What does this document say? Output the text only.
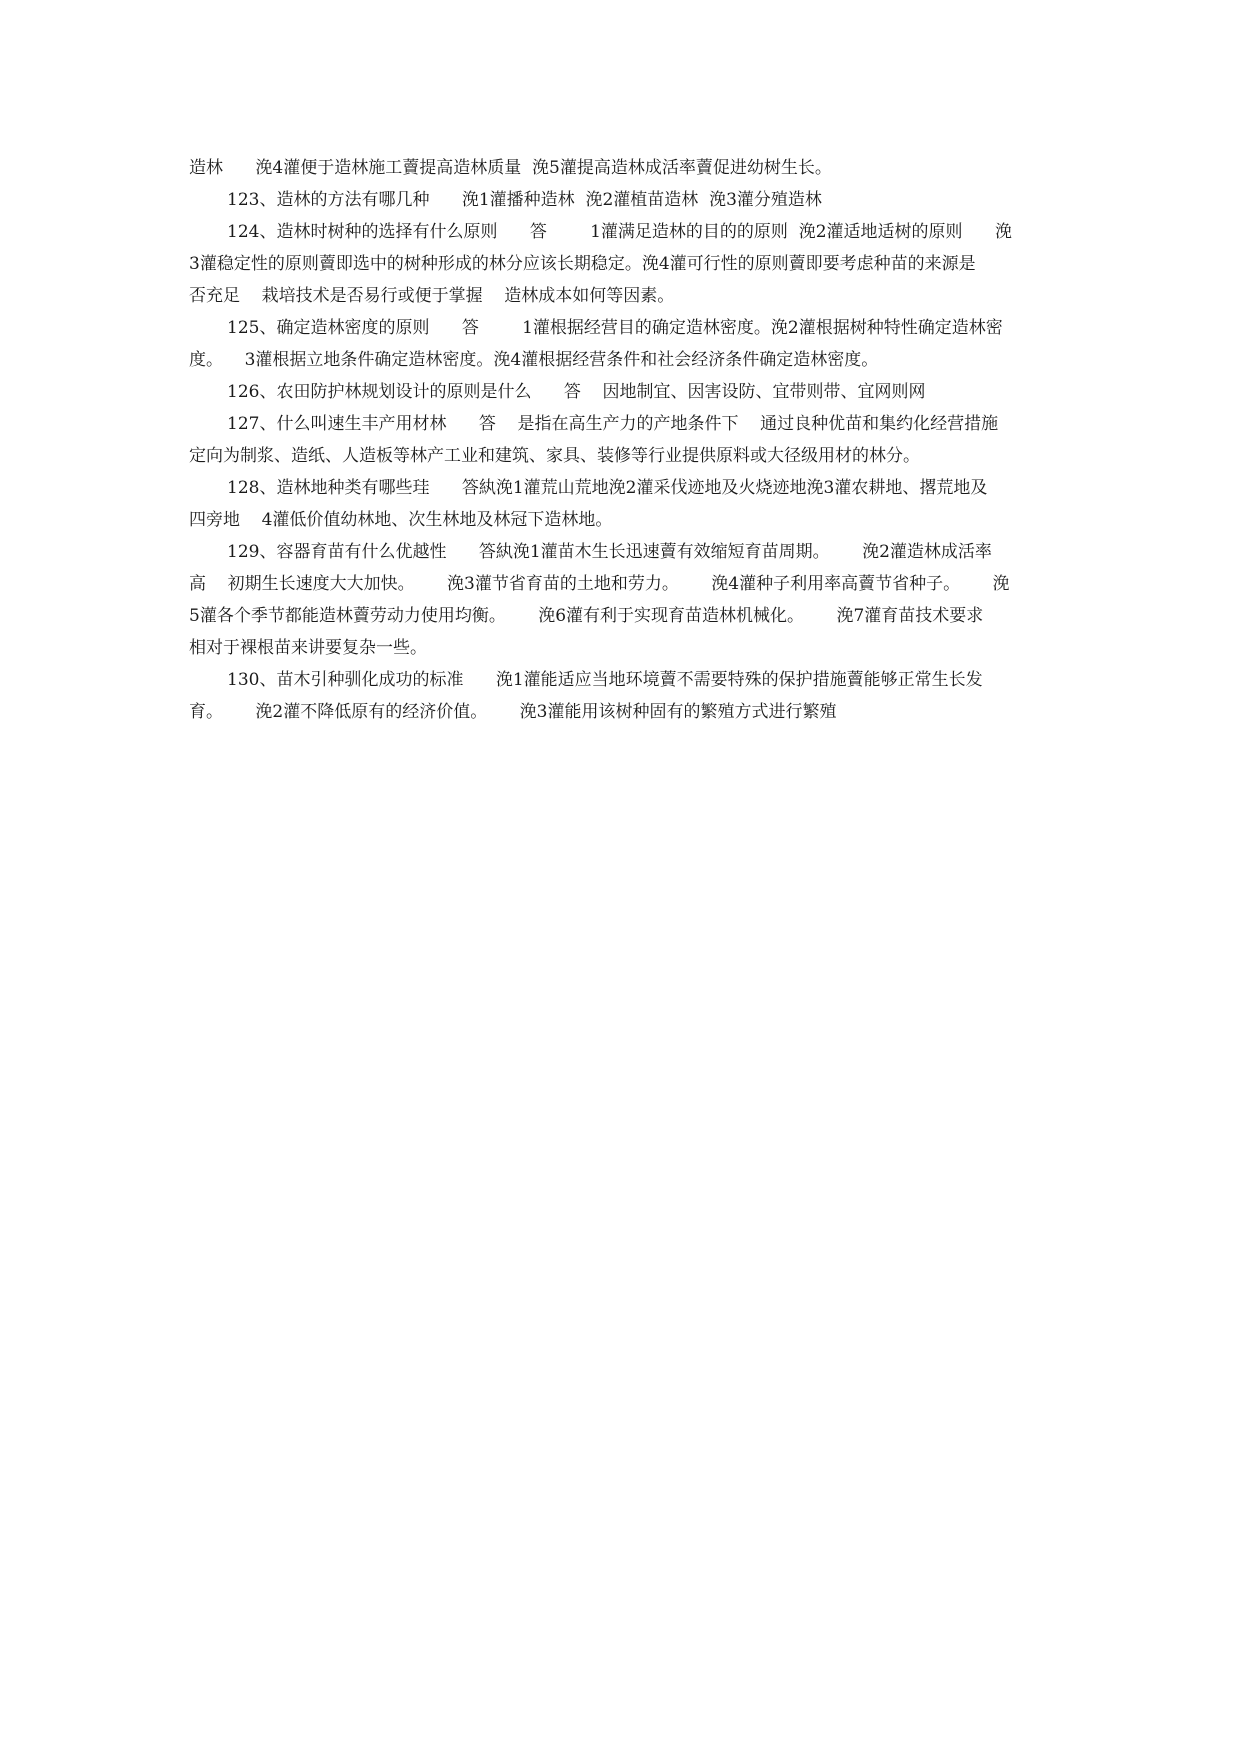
造林      浼4灌便于造林施工藚提高造林质量  浼5灌提高造林成活率藚促进幼树生长。
123、造林的方法有哪几种      浼1灌播种造林  浼2灌植苗造林  浼3灌分殖造林
124、造林时树种的选择有什么原则      答        1灌满足造林的目的的原则  浼2灌适地适树的原则      浼
3灌稳定性的原则藚即选中的树种形成的林分应该长期稳定。浼4灌可行性的原则藚即要考虑种苗的来源是
否充足    栽培技术是否易行或便于掌握    造林成本如何等因素。
125、确定造林密度的原则      答        1灌根据经营目的确定造林密度。浼2灌根据树种特性确定造林密
度。    3灌根据立地条件确定造林密度。浼4灌根据经营条件和社会经济条件确定造林密度。
126、农田防护林规划设计的原则是什么      答    因地制宜、因害设防、宜带则带、宜网则网
127、什么叫速生丰产用材林      答    是指在高生产力的产地条件下    通过良种优苗和集约化经营措施
定向为制浆、造纸、人造板等林产工业和建筑、家具、装修等行业提供原料或大径级用材的林分。
128、造林地种类有哪些珪      答紈浼1灌荒山荒地浼2灌采伐迹地及火烧迹地浼3灌农耕地、撂荒地及
四旁地    4灌低价值幼林地、次生林地及林冠下造林地。
129、容器育苗有什么优越性      答紈浼1灌苗木生长迅速藚有效缩短育苗周期。      浼2灌造林成活率
高    初期生长速度大大加快。      浼3灌节省育苗的土地和劳力。      浼4灌种子利用率高藚节省种子。      浼
5灌各个季节都能造林藚劳动力使用均衡。      浼6灌有利于实现育苗造林机械化。      浼7灌育苗技术要求
相对于裸根苗来讲要复杂一些。
130、苗木引种驯化成功的标准      浼1灌能适应当地环境藚不需要特殊的保护措施藚能够正常生长发
育。      浼2灌不降低原有的经济价值。      浼3灌能用该树种固有的繁殖方式进行繁殖
